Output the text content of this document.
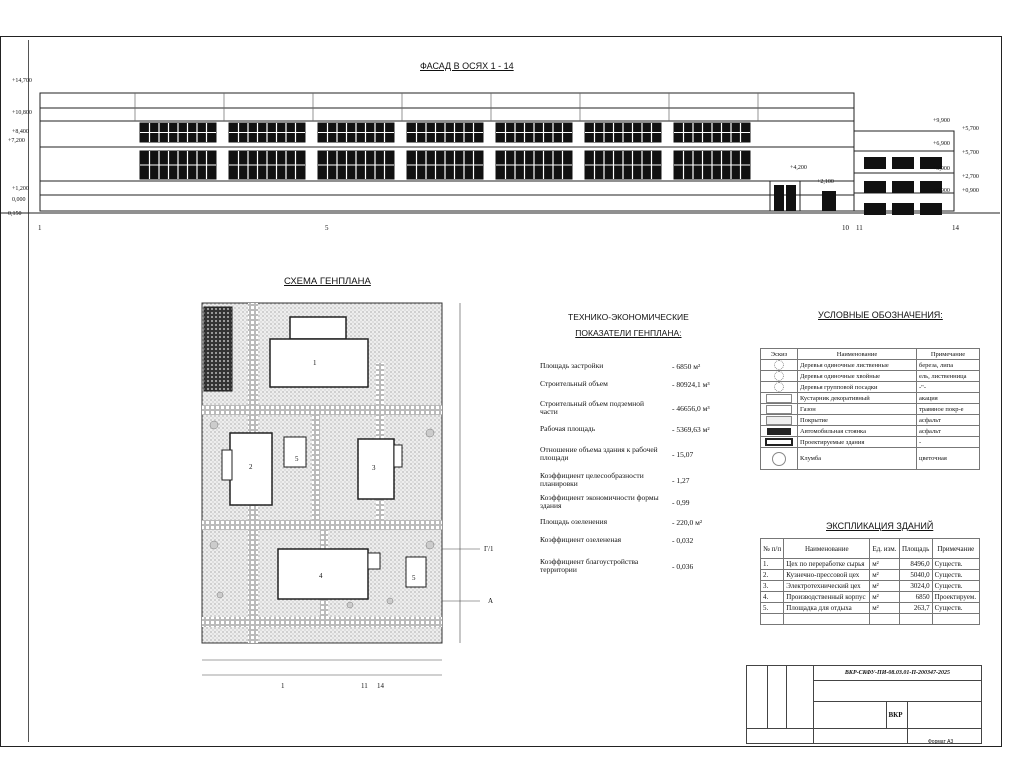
ФАСАД В ОСЯХ 1 - 14
+14,700
+10,800
+8,400
+7,200
+1,200
0,000
-0,150
+9,900
+6,900
+3,900
+0,900
+5,700
+5,700
+2,700
+0,900
+4,200
+2,100
1	5	10 11	14
СХЕМА ГЕНПЛАНА
1
2	3
4
5
5
1	11 14
Г/1
А
ТЕХНИКО-ЭКОНОМИЧЕСКИЕ
ПОКАЗАТЕЛИ ГЕНПЛАНА:
Площадь застройки	- 6850 м²
Строительный объем	- 80924,1 м³
Строительный объем подземной части	- 46656,0 м³
Рабочая площадь	- 5369,63 м²
Отношение объема здания к рабочей площади	- 15,07
Коэффициент целесообразности планировки	- 1,27
Коэффициент экономичности формы здания	- 0,99
Площадь озеленения	- 220,0 м²
Коэффициент озелененая	- 0,032
Коэффициент благоустройства территории	- 0,036
УСЛОВНЫЕ ОБОЗНАЧЕНИЯ:
Эскиз	Наименование	Примечание
	Деревья одиночные лиственные	береза, липа
	Деревья одиночные хвойные	ель, лиственница
	Деревья групповой посадки	-"-
	Кустарник декоративный	акация
	Газон	травяное покр-е
	Покрытие	асфальт
	Автомобильная стоянка	асфальт
	Проектируемые здания	-
	Клумба	цветочная
ЭКСПЛИКАЦИЯ ЗДАНИЙ
№ п/п	Наименование	Ед. изм.	Площадь	Примечание
1.	Цех по переработке сырья	м²	8496,0	Существ.
2.	Кузнечно-прессовой цех	м²	5040,0	Существ.
3.	Электротехнический цех	м²	3024,0	Существ.
4.	Производственный корпус	м²	6850	Проектируем.
5.	Площадка для отдыха	м²	263,7	Существ.

			ВКР-СКФУ-ПИ-08.03.01-П-200347-2025		

				ВКР	

Формат А3
